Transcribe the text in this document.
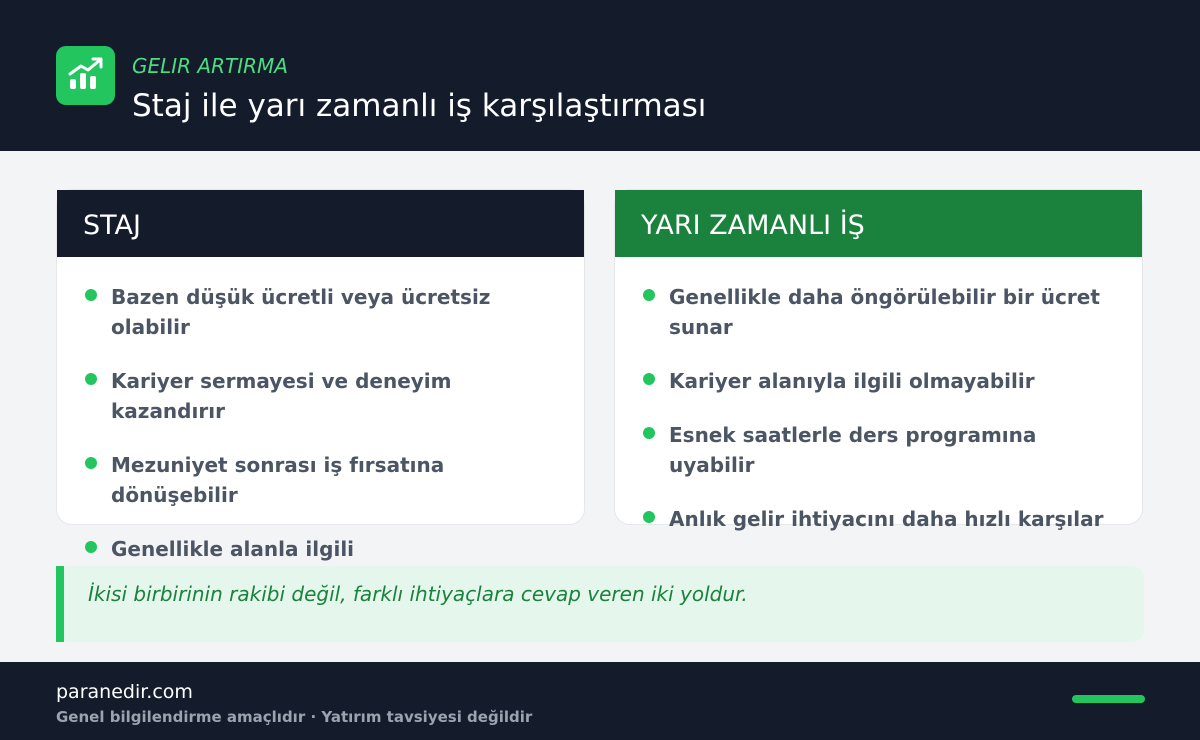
GELIR ARTIRMA
Staj ile yarı zamanlı iş karşılaştırması
STAJ
Bazen düşük ücretli veya ücretsiz olabilir
Kariyer sermayesi ve deneyim kazandırır
Mezuniyet sonrası iş fırsatına dönüşebilir
Genellikle alanla ilgili
YARI ZAMANLI İŞ
Genellikle daha öngörülebilir bir ücret sunar
Kariyer alanıyla ilgili olmayabilir
Esnek saatlerle ders programına uyabilir
Anlık gelir ihtiyacını daha hızlı karşılar
İkisi birbirinin rakibi değil, farklı ihtiyaçlara cevap veren iki yoldur.
paranedir.com
Genel bilgilendirme amaçlıdır · Yatırım tavsiyesi değildir
